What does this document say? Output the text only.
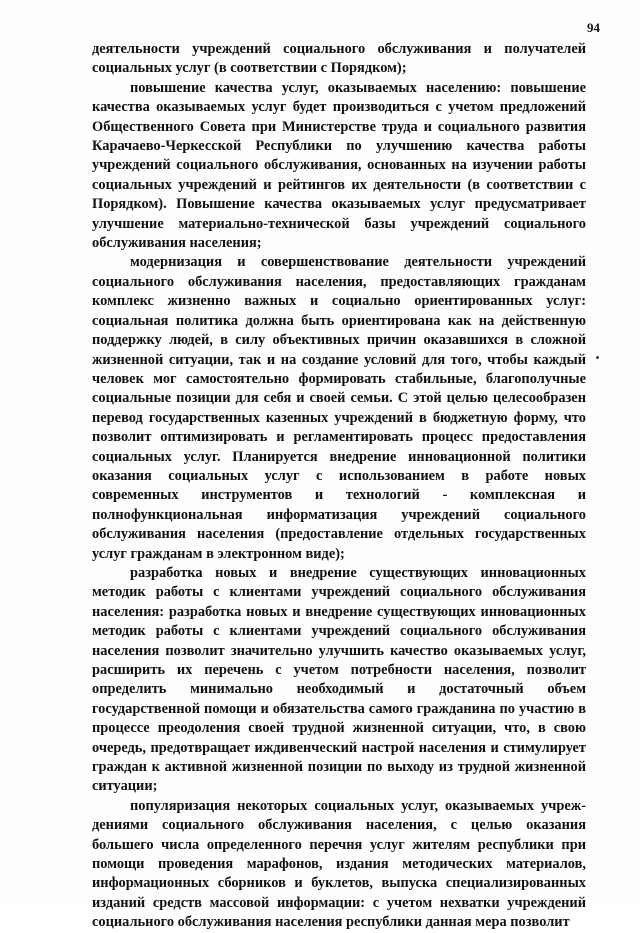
94

деятельности учреждений социального обслуживания и получателей социальных услуг (в соответствии с Порядком);

повышение качества услуг, оказываемых населению: повышение качества оказываемых услуг будет производиться с учетом предложений Общественного Совета при Министерстве труда и социального развития Карачаево-Черкесской Республики по улучшению качества работы учреждений социального обслуживания, основанных на изучении работы социальных учреждений и рейтингов их деятельности (в соответствии с Порядком). Повышение качества оказываемых услуг предусматривает улучшение материально-технической базы учреждений социального обслуживания населения;

модернизация и совершенствование деятельности учреждений социального обслуживания населения, предоставляющих гражданам комплекс жизненно важных и социально ориентированных услуг: социальная политика должна быть ориентирована как на действенную поддержку людей, в силу объективных причин оказавшихся в сложной жизненной ситуации, так и на создание условий для того, чтобы каждый человек мог самостоятельно формировать стабильные, благополучные социальные позиции для себя и своей семьи. С этой целью целесообразен перевод государственных казенных учреждений в бюджетную форму, что позволит оптимизировать и регламентировать процесс предоставления социальных услуг. Планируется внедрение инновационной политики оказания социальных услуг с использованием в работе новых современных инструментов и технологий - комплексная и полнофункциональная информатизация учреждений социального обслуживания населения (предоставление отдельных государственных услуг гражданам в электронном виде);

разработка новых и внедрение существующих инновационных методик работы с клиентами учреждений социального обслуживания населения: разработка новых и внедрение существующих инновационных методик работы с клиентами учреждений социального обслуживания населения позволит значительно улучшить качество оказываемых услуг, расширить их перечень с учетом потребности населения, позволит определить минимально необходимый и достаточный объем государственной помощи и обязательства самого гражданина по участию в процессе преодоления своей трудной жизненной ситуации, что, в свою очередь, предотвращает иждивенческий настрой населения и стимулирует граждан к активной жизненной позиции по выходу из трудной жизненной ситуации;

популяризация некоторых социальных услуг, оказываемых учреждениями социального обслуживания населения, с целью оказания большего числа определенного перечня услуг жителям республики при помощи проведения марафонов, издания методических материалов, информационных сборников и буклетов, выпуска специализированных изданий средств массовой информации: с учетом нехватки учреждений социального обслуживания населения республики данная мера позволит
